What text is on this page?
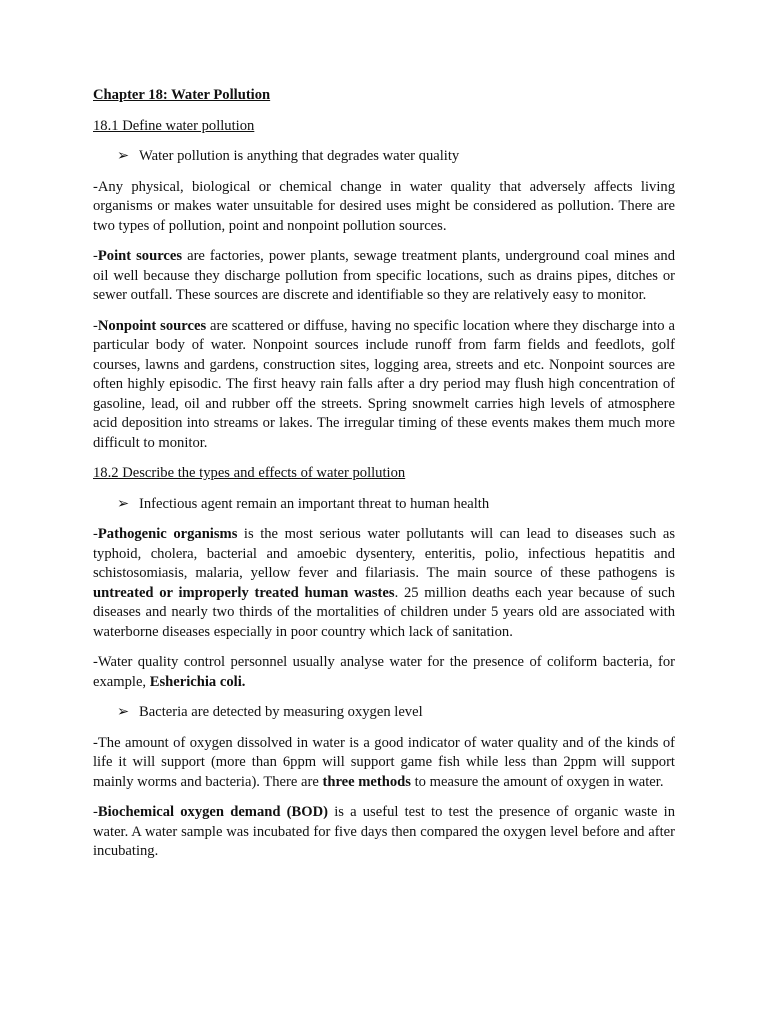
Chapter 18: Water Pollution

18.1 Define water pollution

➢ Water pollution is anything that degrades water quality

-Any physical, biological or chemical change in water quality that adversely affects living organisms or makes water unsuitable for desired uses might be considered as pollution. There are two types of pollution, point and nonpoint pollution sources.

-Point sources are factories, power plants, sewage treatment plants, underground coal mines and oil well because they discharge pollution from specific locations, such as drains pipes, ditches or sewer outfall. These sources are discrete and identifiable so they are relatively easy to monitor.

-Nonpoint sources are scattered or diffuse, having no specific location where they discharge into a particular body of water. Nonpoint sources include runoff from farm fields and feedlots, golf courses, lawns and gardens, construction sites, logging area, streets and etc. Nonpoint sources are often highly episodic. The first heavy rain falls after a dry period may flush high concentration of gasoline, lead, oil and rubber off the streets. Spring snowmelt carries high levels of atmosphere acid deposition into streams or lakes. The irregular timing of these events makes them much more difficult to monitor.

18.2 Describe the types and effects of water pollution

➢ Infectious agent remain an important threat to human health

-Pathogenic organisms is the most serious water pollutants will can lead to diseases such as typhoid, cholera, bacterial and amoebic dysentery, enteritis, polio, infectious hepatitis and schistosomiasis, malaria, yellow fever and filariasis. The main source of these pathogens is untreated or improperly treated human wastes. 25 million deaths each year because of such diseases and nearly two thirds of the mortalities of children under 5 years old are associated with waterborne diseases especially in poor country which lack of sanitation.

-Water quality control personnel usually analyse water for the presence of coliform bacteria, for example, Esherichia coli.

➢ Bacteria are detected by measuring oxygen level

-The amount of oxygen dissolved in water is a good indicator of water quality and of the kinds of life it will support (more than 6ppm will support game fish while less than 2ppm will support mainly worms and bacteria). There are three methods to measure the amount of oxygen in water.

-Biochemical oxygen demand (BOD) is a useful test to test the presence of organic waste in water. A water sample was incubated for five days then compared the oxygen level before and after incubating.
